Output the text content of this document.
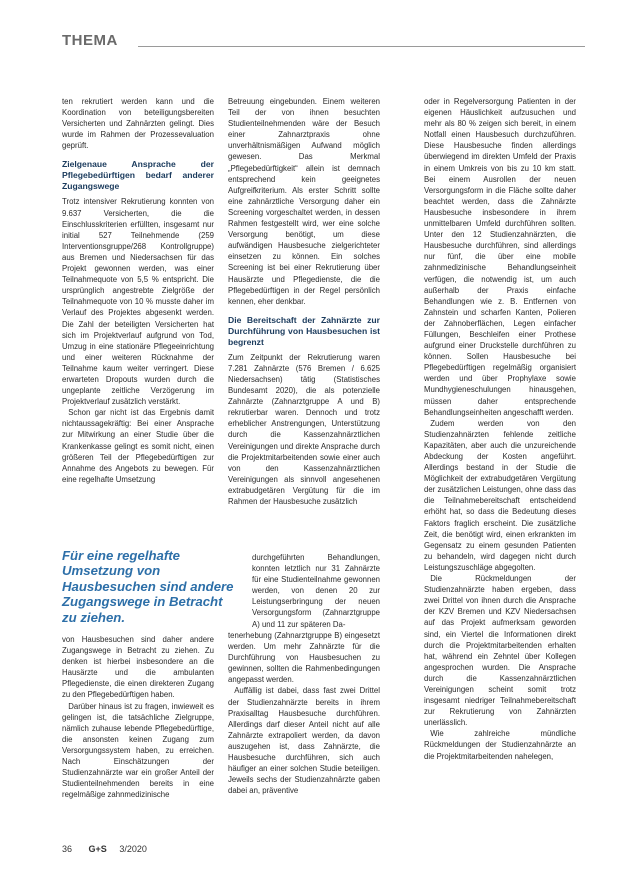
THEMA

ten rekrutiert werden kann und die Koordination von beteiligungsbereiten Versicherten und Zahnärzten gelingt. Dies wurde im Rahmen der Prozessevaluation geprüft.

Zielgenaue Ansprache der Pflegebedürftigen bedarf anderer Zugangswege

Trotz intensiver Rekrutierung konnten von 9.637 Versicherten, die die Einschlusskriterien erfüllten, insgesamt nur initial 527 Teilnehmende (259 Interventionsgruppe/268 Kontrollgruppe) aus Bremen und Niedersachsen für das Projekt gewonnen werden, was einer Teilnahmequote von 5,5 % entspricht. Die ursprünglich angestrebte Zielgröße der Teilnahmequote von 10 % musste daher im Verlauf des Projektes abgesenkt werden. Die Zahl der beteiligten Versicherten hat sich im Projektverlauf aufgrund von Tod, Umzug in eine stationäre Pflegeeinrichtung und einer weiteren Rücknahme der Teilnahme kaum weiter verringert. Diese erwarteten Dropouts wurden durch die ungeplante zeitliche Verzögerung im Projektverlauf zusätzlich verstärkt.

Schon gar nicht ist das Ergebnis damit nichtaussagekräftig: Bei einer Ansprache zur Mitwirkung an einer Studie über die Krankenkasse gelingt es somit nicht, einen größeren Teil der Pflegebedürftigen zur Annahme des Angebots zu bewegen. Für eine regelhafte Umsetzung

Für eine regelhafte Umsetzung von Hausbesuchen sind andere Zugangswege in Betracht zu ziehen.

von Hausbesuchen sind daher andere Zugangswege in Betracht zu ziehen. Zu denken ist hierbei insbesondere an die Hausärzte und die ambulanten Pflegedienste, die einen direkteren Zugang zu den Pflegebedürftigen haben.

Darüber hinaus ist zu fragen, inwieweit es gelingen ist, die tatsächliche Zielgruppe, nämlich zuhause lebende Pflegebedürftige, die ansonsten keinen Zugang zum Versorgungssystem haben, zu erreichen. Nach Einschätzungen der Studienzahnärzte war ein großer Anteil der Studienteilnehmenden bereits in eine regelmäßige zahnmedizinische

Betreuung eingebunden. Einem weiteren Teil der von ihnen besuchten Studienteilnehmenden wäre der Besuch einer Zahnarztpraxis ohne unverhältnismäßigen Aufwand möglich gewesen. Das Merkmal „Pflegebedürftigkeit“ allein ist demnach entsprechend kein geeignetes Aufgreifkriterium. Als erster Schritt sollte eine zahnärztliche Versorgung daher ein Screening vorgeschaltet werden, in dessen Rahmen festgestellt wird, wer eine solche Versorgung benötigt, um diese aufwändigen Hausbesuche zielgerichteter einsetzen zu können. Ein solches Screening ist bei einer Rekrutierung über Hausärzte und Pflegedienste, die die Pflegebedürftigen in der Regel persönlich kennen, eher denkbar.

Die Bereitschaft der Zahnärzte zur Durchführung von Hausbesuchen ist begrenzt

Zum Zeitpunkt der Rekrutierung waren 7.281 Zahnärzte (576 Bremen / 6.625 Niedersachsen) tätig (Statistisches Bundesamt 2020), die als potenzielle Zahnärzte (Zahnarztgruppe A und B) rekrutierbar waren. Dennoch und trotz erheblicher Anstrengungen, Unterstützung durch die Kassenzahnärztlichen Vereinigungen und direkte Ansprache durch die Projektmitarbeitenden sowie einer auch von den Kassenzahnärztlichen Vereinigungen als sinnvoll angesehenen extrabudgetären Vergütung für die im Rahmen der Hausbesuche zusätzlich

durchgeführten Behandlungen, konnten letztlich nur 31 Zahnärzte für eine Studienteilnahme gewonnen werden, von denen 20 zur Leistungserbringung der neuen Versorgungsform (Zahnarztgruppe A) und 11 zur späteren Da-

tenerhebung (Zahnarztgruppe B) eingesetzt werden. Um mehr Zahnärzte für die Durchführung von Hausbesuchen zu gewinnen, sollten die Rahmenbedingungen angepasst werden.

Auffällig ist dabei, dass fast zwei Drittel der Studienzahnärzte bereits in ihrem Praxisalltag Hausbesuche durchführen. Allerdings darf dieser Anteil nicht auf alle Zahnärzte extrapoliert werden, da davon auszugehen ist, dass Zahnärzte, die Hausbesuche durchführen, sich auch häufiger an einer solchen Studie beteiligen. Jeweils sechs der Studienzahnärzte gaben dabei an, präventive

oder in Regelversorgung Patienten in der eigenen Häuslichkeit aufzusuchen und mehr als 80 % zeigen sich bereit, in einem Notfall einen Hausbesuch durchzuführen. Diese Hausbesuche finden allerdings überwiegend im direkten Umfeld der Praxis in einem Umkreis von bis zu 10 km statt. Bei einem Ausrollen der neuen Versorgungsform in die Fläche sollte daher beachtet werden, dass die Zahnärzte Hausbesuche insbesondere in ihrem unmittelbaren Umfeld durchführen sollten. Unter den 12 Studienzahnärzten, die Hausbesuche durchführen, sind allerdings nur fünf, die über eine mobile zahnmedizinische Behandlungseinheit verfügen, die notwendig ist, um auch außerhalb der Praxis einfache Behandlungen wie z. B. Entfernen von Zahnstein und scharfen Kanten, Polieren der Zahnoberflächen, Legen einfacher Füllungen, Beschleifen einer Prothese aufgrund einer Druckstelle durchführen zu können. Sollen Hausbesuche bei Pflegebedürftigen regelmäßig organisiert werden und über Prophylaxe sowie Mundhygieneschulungen hinausgehen, müssen daher entsprechende Behandlungseinheiten angeschafft werden.

Zudem werden von den Studienzahnärzten fehlende zeitliche Kapazitäten, aber auch die unzureichende Abdeckung der Kosten angeführt. Allerdings bestand in der Studie die Möglichkeit der extrabudgetären Vergütung der zusätzlichen Leistungen, ohne dass das die Teilnahmebereitschaft entscheidend erhöht hat, so dass die Bedeutung dieses Faktors fraglich erscheint. Die zusätzliche Zeit, die benötigt wird, einen erkrankten im Gegensatz zu einem gesunden Patienten zu behandeln, wird dagegen nicht durch Leistungszuschläge abgegolten.

Die Rückmeldungen der Studienzahnärzte haben ergeben, dass zwei Drittel von ihnen durch die Ansprache der KZV Bremen und KZV Niedersachsen auf das Projekt aufmerksam geworden sind, ein Viertel die Informationen direkt durch die Projektmitarbeitenden erhalten hat, während ein Zehntel über Kollegen angesprochen wurden. Die Ansprache durch die Kassenzahnärztlichen Vereinigungen scheint somit trotz insgesamt niedriger Teilnahmebereitschaft zur Rekrutierung von Zahnärzten unerlässlich.

Wie zahlreiche mündliche Rückmeldungen der Studienzahnärzte an die Projektmitarbeitenden nahelegen,

36 G+S 3/2020
